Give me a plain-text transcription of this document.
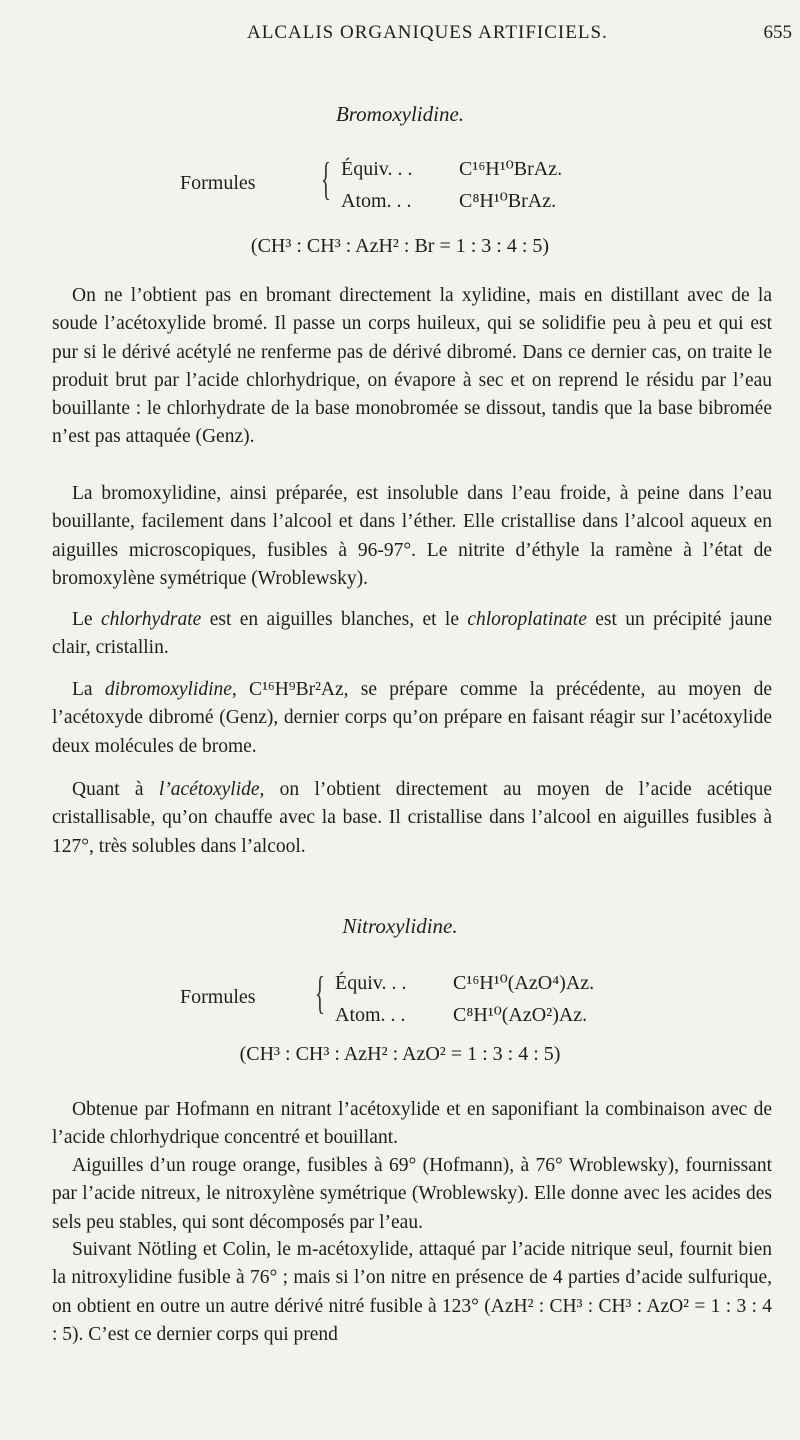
ALCALIS ORGANIQUES ARTIFICIELS.	655
Bromoxylidine.
Formules { Équiv. . . C¹⁶H¹⁰BrAz.
Atom. . . C⁸H¹⁰BrAz.
(CH³ : CH³ : AzH² : Br = 1 : 3 : 4 : 5)

On ne l’obtient pas en bromant directement la xylidine, mais en distillant avec de la soude l’acétoxylide bromé. Il passe un corps huileux, qui se solidifie peu à peu et qui est pur si le dérivé acétylé ne renferme pas de dérivé dibromé. Dans ce dernier cas, on traite le produit brut par l’acide chlorhydrique, on évapore à sec et on reprend le résidu par l’eau bouillante : le chlorhydrate de la base monobromée se dissout, tandis que la base bibromée n’est pas attaquée (Genz).

La bromoxylidine, ainsi préparée, est insoluble dans l’eau froide, à peine dans l’eau bouillante, facilement dans l’alcool et dans l’éther. Elle cristallise dans l’alcool aqueux en aiguilles microscopiques, fusibles à 96-97°. Le nitrite d’éthyle la ramène à l’état de bromoxylène symétrique (Wroblewsky).

Le chlorhydrate est en aiguilles blanches, et le chloroplatinate est un précipité jaune clair, cristallin.

La dibromoxylidine, C¹⁶H⁹Br²Az, se prépare comme la précédente, au moyen de l’acétoxyde dibromé (Genz), dernier corps qu’on prépare en faisant réagir sur l’acétoxylide deux molécules de brome.

Quant à l’acétoxylide, on l’obtient directement au moyen de l’acide acétique cristallisable, qu’on chauffe avec la base. Il cristallise dans l’alcool en aiguilles fusibles à 127°, très solubles dans l’alcool.

Nitroxylidine.
Formules { Équiv. . . C¹⁶H¹⁰(AzO⁴)Az.
Atom. . . C⁸H¹⁰(AzO²)Az.
(CH³ : CH³ : AzH² : AzO² = 1 : 3 : 4 : 5)

Obtenue par Hofmann en nitrant l’acétoxylide et en saponifiant la combinaison avec de l’acide chlorhydrique concentré et bouillant.

Aiguilles d’un rouge orange, fusibles à 69° (Hofmann), à 76° Wroblewsky), fournissant par l’acide nitreux, le nitroxylène symétrique (Wroblewsky). Elle donne avec les acides des sels peu stables, qui sont décomposés par l’eau.

Suivant Nötling et Colin, le m-acétoxylide, attaqué par l’acide nitrique seul, fournit bien la nitroxylidine fusible à 76° ; mais si l’on nitre en présence de 4 parties d’acide sulfurique, on obtient en outre un autre dérivé nitré fusible à 123° (AzH² : CH³ : CH³ : AzO² = 1 : 3 : 4 : 5). C’est ce dernier corps qui prend
